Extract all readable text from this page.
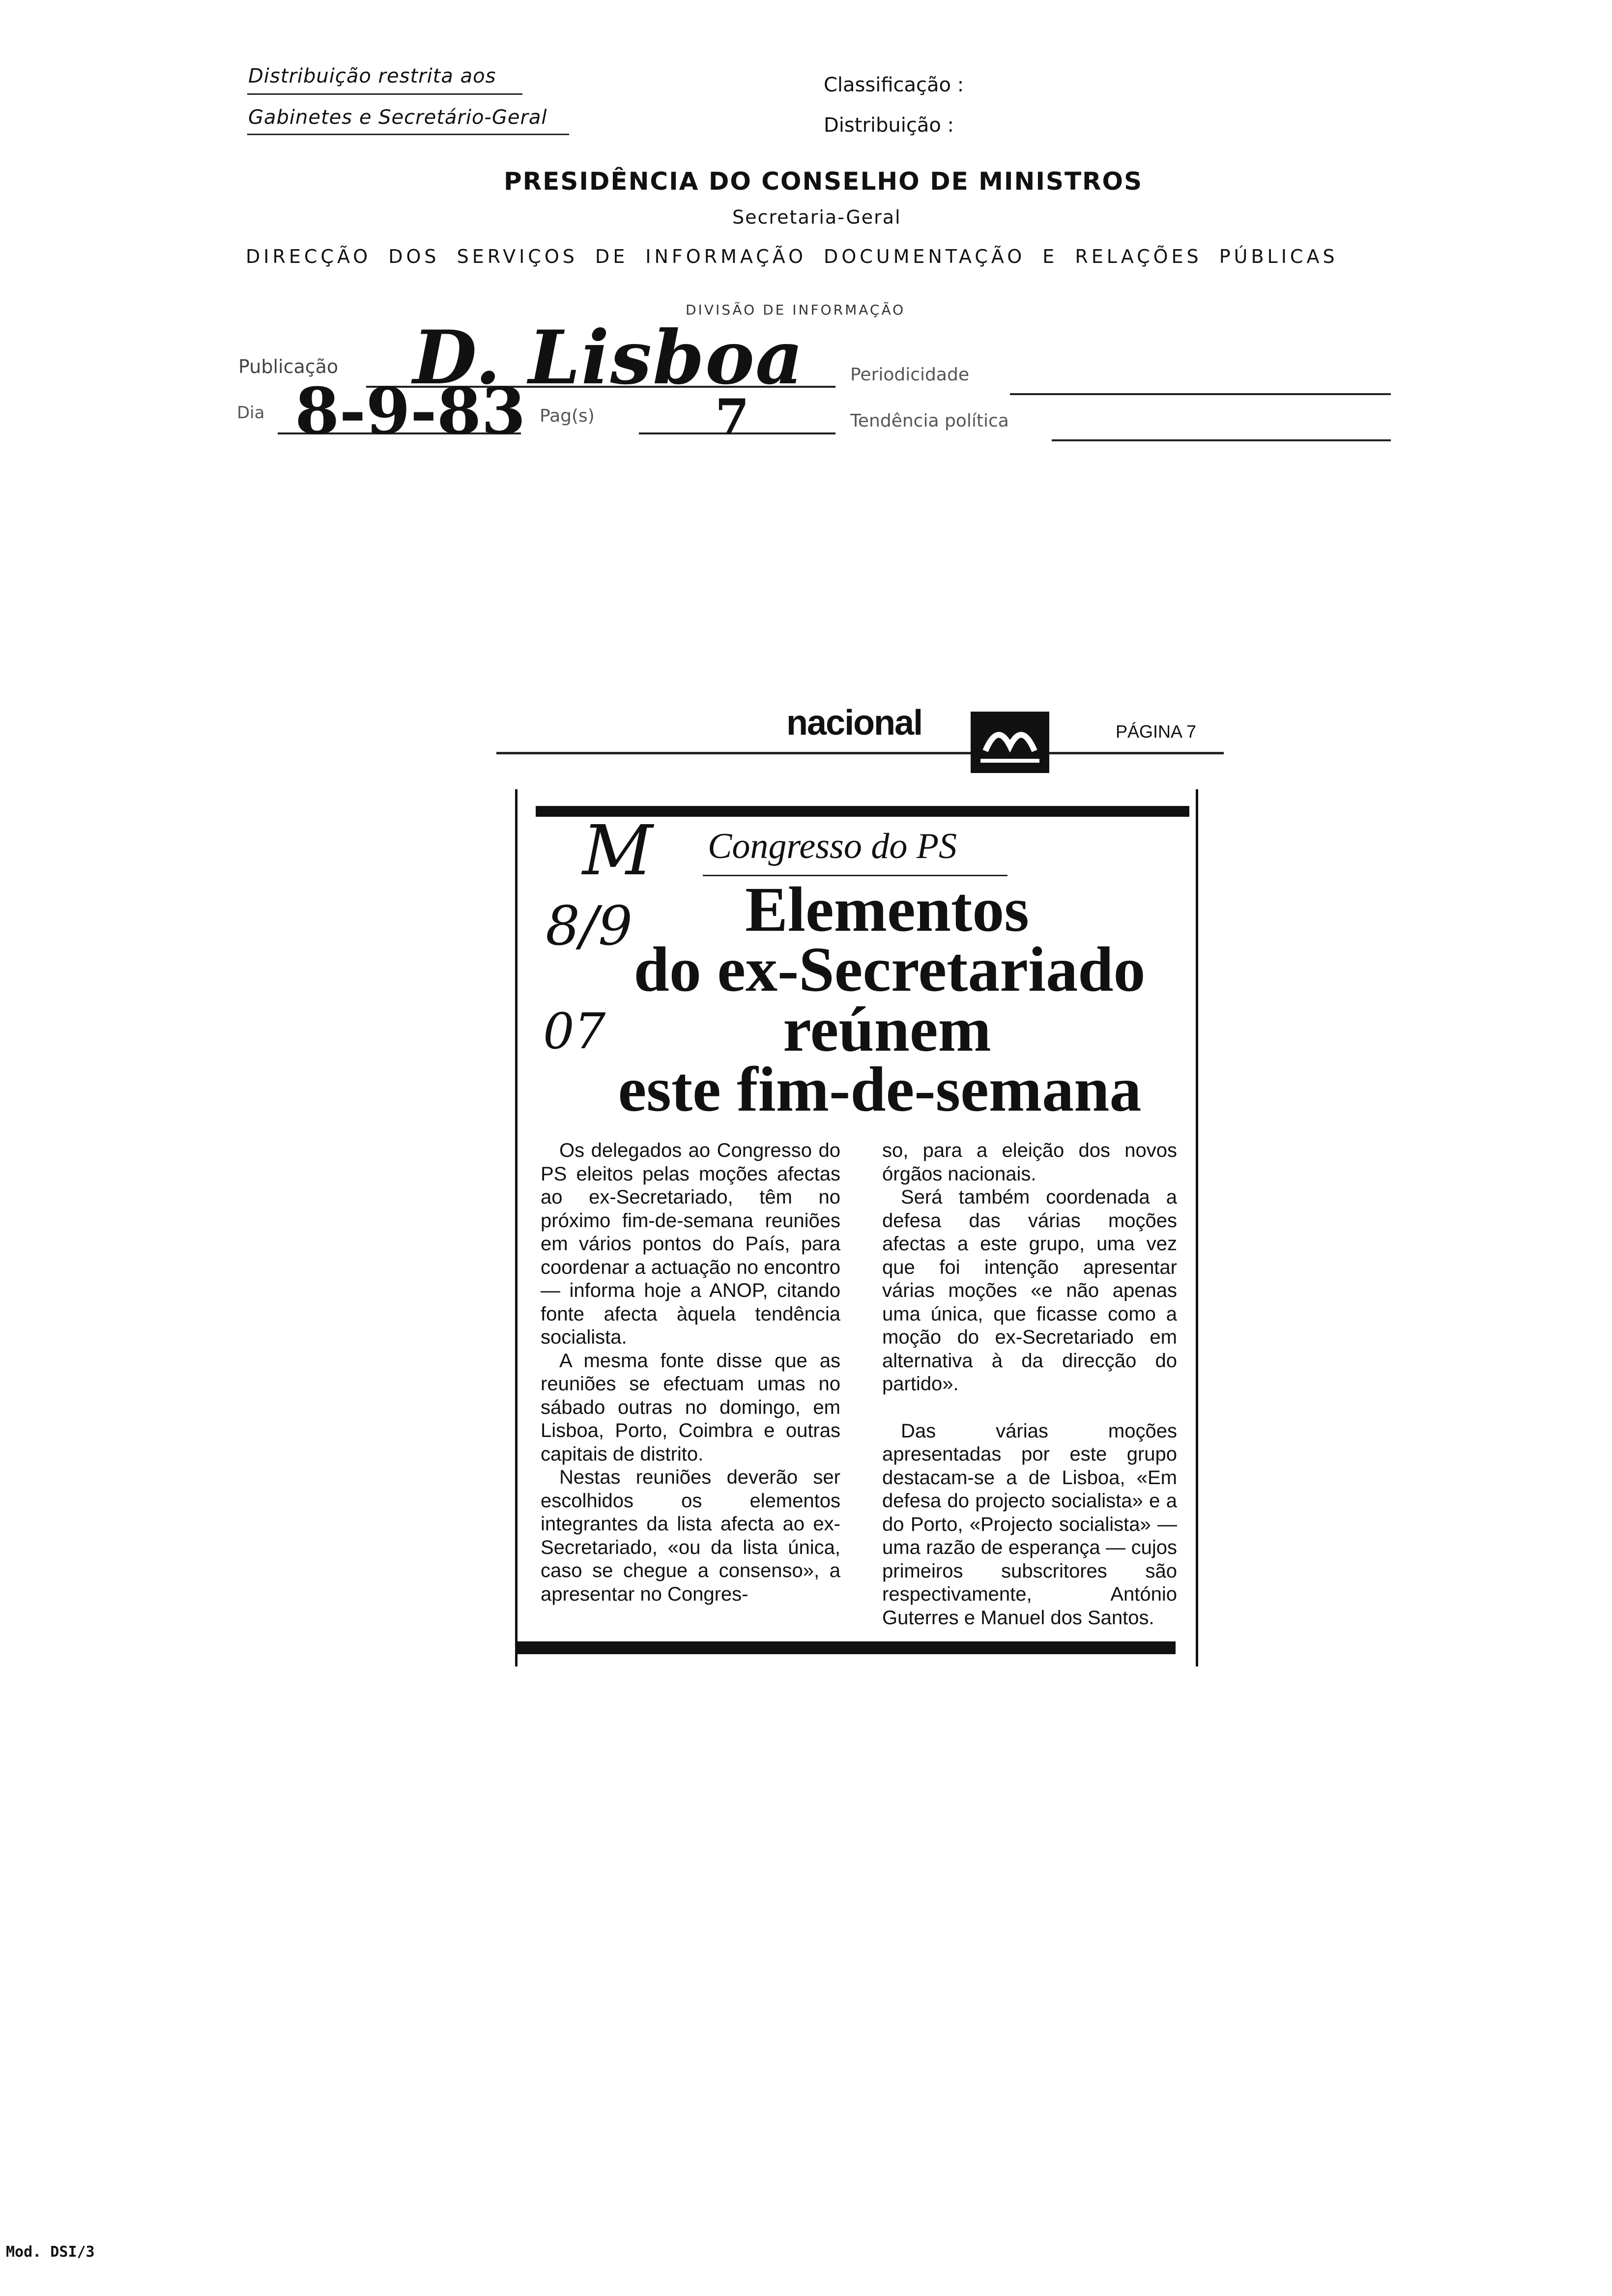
Distribuição restrita aos
Gabinetes e Secretário-Geral
Classificação :
Distribuição :
PRESIDÊNCIA DO CONSELHO DE MINISTROS
Secretaria-Geral
DIRECÇÃO DOS SERVIÇOS DE INFORMAÇÃO DOCUMENTAÇÃO E RELAÇÕES PÚBLICAS
DIVISÃO DE INFORMAÇÃO
Publicação D. Lisboa	Periodicidade
Dia 8-9-83 Pag(s) 7	Tendência política
nacional	PÁGINA 7
Congresso do PS
Elementos
do ex-Secretariado
reúnem
este fim-de-semana

Os delegados ao Congresso do PS eleitos pelas moções afectas ao ex-Secretariado, têm no próximo fim-de-semana reuniões em vários pontos do País, para coordenar a actuação no encontro — informa hoje a ANOP, citando fonte afecta àquela tendência socialista.

A mesma fonte disse que as reuniões se efectuam umas no sábado outras no domingo, em Lisboa, Porto, Coimbra e outras capitais de distrito.

Nestas reuniões deverão ser escolhidos os elementos integrantes da lista afecta ao ex-Secretariado, «ou da lista única, caso se chegue a consenso», a apresentar no Congres-

so, para a eleição dos novos órgãos nacionais.

Será também coordenada a defesa das várias moções afectas a este grupo, uma vez que foi intenção apresentar várias moções «e não apenas uma única, que ficasse como a moção do ex-Secretariado em alternativa à da direcção do partido».

Das várias moções apresentadas por este grupo destacam-se a de Lisboa, «Em defesa do projecto socialista» e a do Porto, «Projecto socialista» — uma razão de esperança — cujos primeiros subscritores são respectivamente, António Guterres e Manuel dos Santos.

M
8/9
07
Mod. DSI/3
